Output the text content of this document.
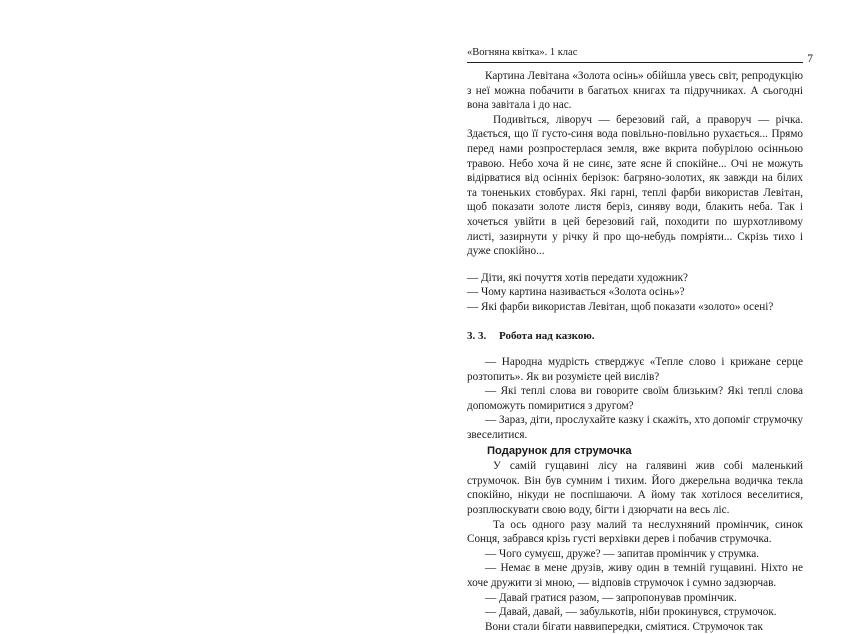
«Вогняна квітка». 1 клас
7

Картина Левітана «Золота осінь» обійшла увесь світ, репродукцію з неї можна побачити в багатьох книгах та підручниках. А сьогодні вона завітала і до нас.

Подивіться, ліворуч — березовий гай, а праворуч — річка. Здається, що її густо-синя вода повільно-повільно рухається... Прямо перед нами розпростерлася земля, вже вкрита побурілою осінньою травою. Небо хоча й не синє, зате ясне й спокійне... Очі не можуть відірватися від осінніх берізок: багряно-золотих, як завжди на білих та тоненьких стовбурах. Які гарні, теплі фарби використав Левітан, щоб показати золоте листя беріз, синяву води, блакить неба. Так і хочеться увійти в цей березовий гай, походити по шурхотливому листі, зазирнути у річку й про що-небудь помріяти... Скрізь тихо і дуже спокійно...

— Діти, які почуття хотів передати художник?

— Чому картина називається «Золота осінь»?

— Які фарби використав Левітан, щоб показати «золото» осені?

3. 3. Робота над казкою.

— Народна мудрість стверджує «Тепле слово і крижане серце розтопить». Як ви розумієте цей вислів?

— Які теплі слова ви говорите своїм близьким? Які теплі слова допоможуть помиритися з другом?

— Зараз, діти, прослухайте казку і скажіть, хто допоміг струмочку звеселитися.

Подарунок для струмочка

У самій гущавині лісу на галявині жив собі маленький струмочок. Він був сумним і тихим. Його джерельна водичка текла спокійно, нікуди не поспішаючи. А йому так хотілося веселитися, розплюскувати свою воду, бігти і дзюрчати на весь ліс.

Та ось одного разу малий та неслухняний промінчик, синок Сонця, забрався крізь густі верхівки дерев і побачив струмочка.

— Чого сумуєш, друже? — запитав промінчик у струмка.

— Немає в мене друзів, живу один в темній гущавині. Ніхто не хоче дружити зі мною, — відповів струмочок і сумно задзюрчав.

— Давай гратися разом, — запропонував промінчик.

— Давай, давай, — забулькотів, ніби прокинувся, струмочок.

Вони стали бігати наввипередки, сміятися. Струмочок так
